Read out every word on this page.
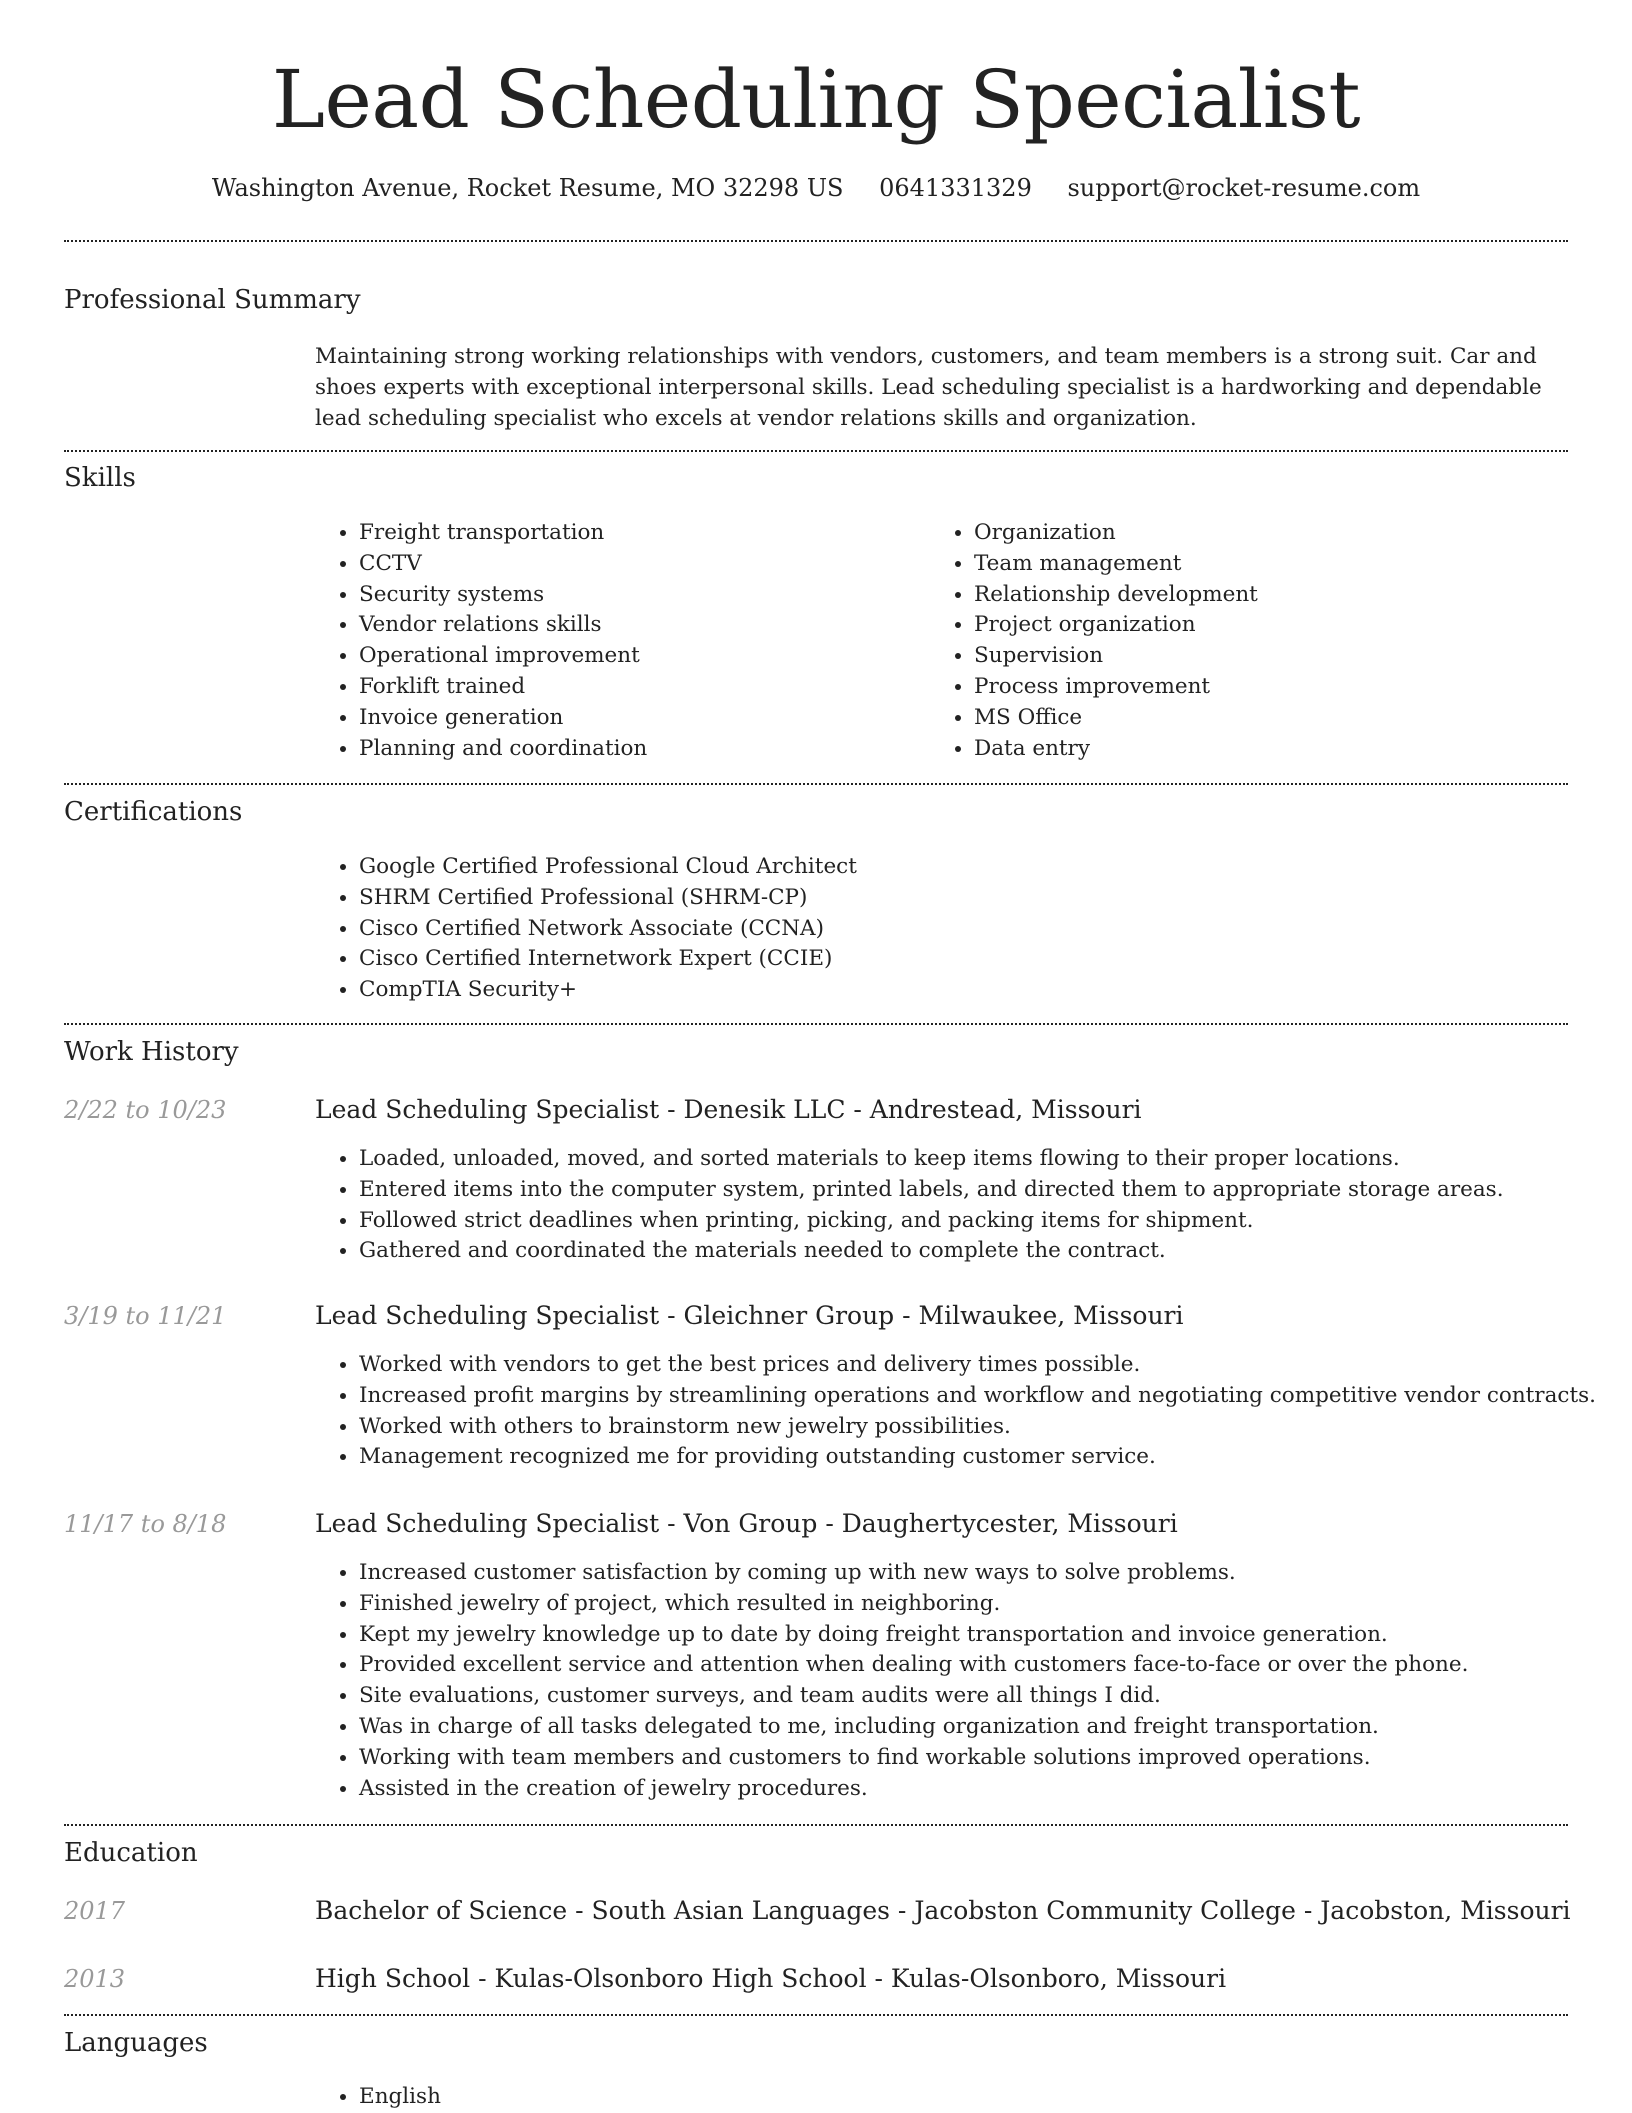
Lead Scheduling Specialist
Washington Avenue, Rocket Resume, MO 32298 US 0641331329 support@rocket-resume.com
Professional Summary

Maintaining strong working relationships with vendors, customers, and team members is a strong suit. Car and shoes experts with exceptional interpersonal skills. Lead scheduling specialist is a hardworking and dependable lead scheduling specialist who excels at vendor relations skills and organization.

Skills
• Freight transportation
• CCTV
• Security systems
• Vendor relations skills
• Operational improvement
• Forklift trained
• Invoice generation
• Planning and coordination
• Organization
• Team management
• Relationship development
• Project organization
• Supervision
• Process improvement
• MS Office
• Data entry
Certifications
• Google Certified Professional Cloud Architect
• SHRM Certified Professional (SHRM-CP)
• Cisco Certified Network Associate (CCNA)
• Cisco Certified Internetwork Expert (CCIE)
• CompTIA Security+
Work History
2/22 to 10/23	Lead Scheduling Specialist - Denesik LLC - Andrestead, Missouri
• Loaded, unloaded, moved, and sorted materials to keep items flowing to their proper locations.
• Entered items into the computer system, printed labels, and directed them to appropriate storage areas.
• Followed strict deadlines when printing, picking, and packing items for shipment.
• Gathered and coordinated the materials needed to complete the contract.
3/19 to 11/21	Lead Scheduling Specialist - Gleichner Group - Milwaukee, Missouri
• Worked with vendors to get the best prices and delivery times possible.
• Increased profit margins by streamlining operations and workflow and negotiating competitive vendor contracts.
• Worked with others to brainstorm new jewelry possibilities.
• Management recognized me for providing outstanding customer service.
11/17 to 8/18	Lead Scheduling Specialist - Von Group - Daughertycester, Missouri
• Increased customer satisfaction by coming up with new ways to solve problems.
• Finished jewelry of project, which resulted in neighboring.
• Kept my jewelry knowledge up to date by doing freight transportation and invoice generation.
• Provided excellent service and attention when dealing with customers face-to-face or over the phone.
• Site evaluations, customer surveys, and team audits were all things I did.
• Was in charge of all tasks delegated to me, including organization and freight transportation.
• Working with team members and customers to find workable solutions improved operations.
• Assisted in the creation of jewelry procedures.
Education
2017	Bachelor of Science - South Asian Languages - Jacobston Community College - Jacobston, Missouri
2013	High School - Kulas-Olsonboro High School - Kulas-Olsonboro, Missouri
Languages
• English
